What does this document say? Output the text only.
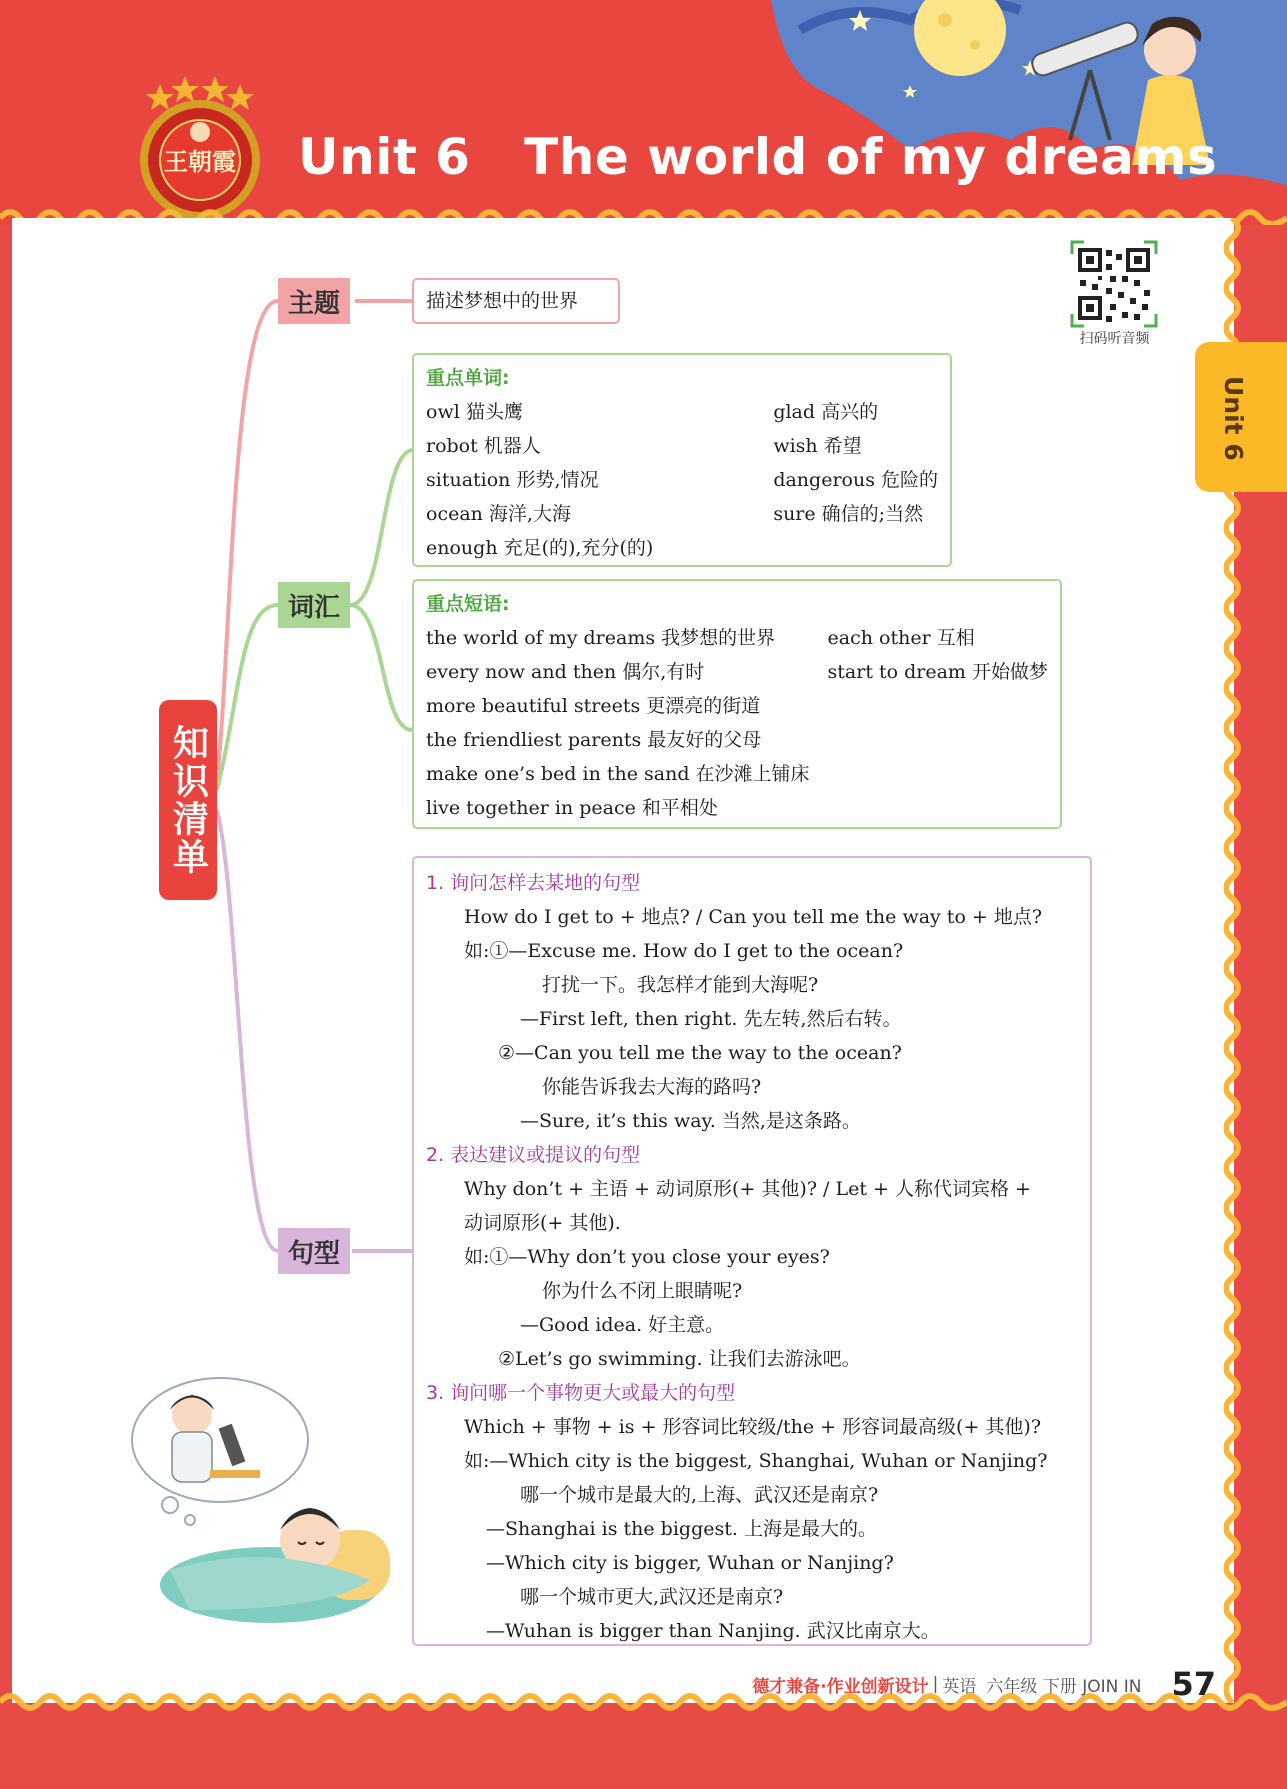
王朝霞 Unit 6   The world of my dreams
Unit 6
扫码听音频
知识清单
主题
词汇
句型
描述梦想中的世界
重点单词:
owl 猫头鹰
robot 机器人
situation 形势,情况
ocean 海洋,大海
enough 充足(的),充分(的)
glad 高兴的
wish 希望
dangerous 危险的
sure 确信的;当然
重点短语:
the world of my dreams 我梦想的世界
every now and then 偶尔,有时
more beautiful streets 更漂亮的街道
the friendliest parents 最友好的父母
make one’s bed in the sand 在沙滩上铺床
live together in peace 和平相处
each other 互相
start to dream 开始做梦
1. 询问怎样去某地的句型
How do I get to + 地点? / Can you tell me the way to + 地点?
如:①—Excuse me. How do I get to the ocean?
打扰一下。我怎样才能到大海呢?
—First left, then right. 先左转,然后右转。
②—Can you tell me the way to the ocean?
你能告诉我去大海的路吗?
—Sure, it’s this way. 当然,是这条路。
2. 表达建议或提议的句型
Why don’t + 主语 + 动词原形(+ 其他)? / Let + 人称代词宾格 +
动词原形(+ 其他).
如:①—Why don’t you close your eyes?
你为什么不闭上眼睛呢?
—Good idea. 好主意。
②Let’s go swimming. 让我们去游泳吧。
3. 询问哪一个事物更大或最大的句型
Which + 事物 + is + 形容词比较级/the + 形容词最高级(+ 其他)?
如:—Which city is the biggest, Shanghai, Wuhan or Nanjing?
哪一个城市是最大的,上海、武汉还是南京?
—Shanghai is the biggest. 上海是最大的。
—Which city is bigger, Wuhan or Nanjing?
哪一个城市更大,武汉还是南京?
—Wuhan is bigger than Nanjing. 武汉比南京大。
德才兼备·作业创新设计 | 英语 六年级 下册 JOIN IN 57
